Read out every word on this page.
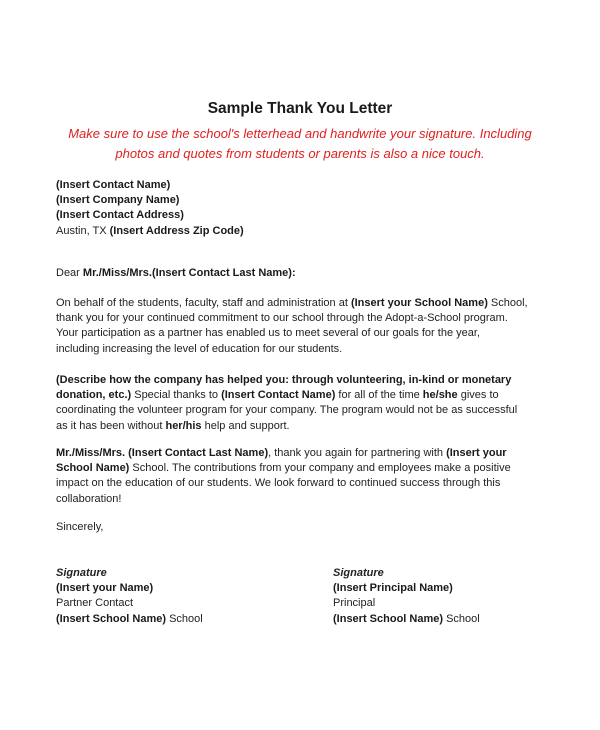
Sample Thank You Letter
Make sure to use the school's letterhead and handwrite your signature. Including
photos and quotes from students or parents is also a nice touch.
(Insert Contact Name)
(Insert Company Name)
(Insert Contact Address)
Austin, TX (Insert Address Zip Code)
Dear Mr./Miss/Mrs.(Insert Contact Last Name):
On behalf of the students, faculty, staff and administration at (Insert your School Name) School,
thank you for your continued commitment to our school through the Adopt-a-School program.
Your participation as a partner has enabled us to meet several of our goals for the year,
including increasing the level of education for our students.
(Describe how the company has helped you: through volunteering, in-kind or monetary
donation, etc.) Special thanks to (Insert Contact Name) for all of the time he/she gives to
coordinating the volunteer program for your company. The program would not be as successful
as it has been without her/his help and support.
Mr./Miss/Mrs. (Insert Contact Last Name), thank you again for partnering with (Insert your
School Name) School. The contributions from your company and employees make a positive
impact on the education of our students. We look forward to continued success through this
collaboration!
Sincerely,
Signature
(Insert your Name)
Partner Contact
(Insert School Name) School
Signature
(Insert Principal Name)
Principal
(Insert School Name) School
